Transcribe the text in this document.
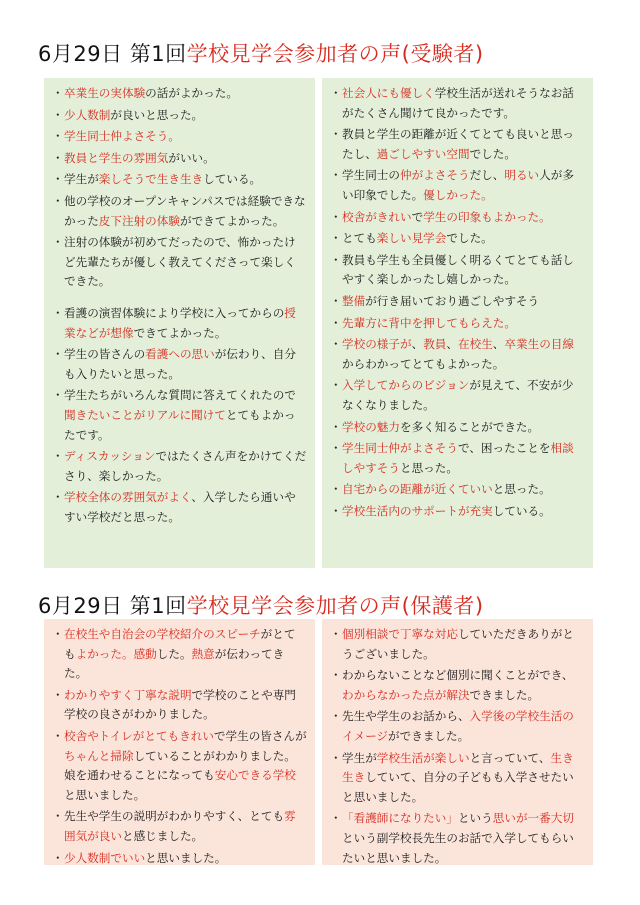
6月29日 第1回学校見学会参加者の声(受験者)
・ 卒業生の実体験の話がよかった。
・ 少人数制が良いと思った。
・ 学生同士仲よさそう。
・ 教員と学生の雰囲気がいい。
・ 学生が楽しそうで生き生きしている。
・ 他の学校のオープンキャンパスでは経験できなかった皮下注射の体験ができてよかった。
・ 注射の体験が初めてだったので、怖かったけど先輩たちが優しく教えてくださって楽しくできた。
・ 看護の演習体験により学校に入ってからの授業などが想像できてよかった。
・ 学生の皆さんの看護への思いが伝わり、自分も入りたいと思った。
・ 学生たちがいろんな質問に答えてくれたので聞きたいことがリアルに聞けてとてもよかったです。
・ ディスカッションではたくさん声をかけてくださり、楽しかった。
・ 学校全体の雰囲気がよく、入学したら通いやすい学校だと思った。
・ 社会人にも優しく学校生活が送れそうなお話がたくさん聞けて良かったです。
・ 教員と学生の距離が近くてとても良いと思ったし、過ごしやすい空間でした。
・ 学生同士の仲がよさそうだし、明るい人が多い印象でした。優しかった。
・ 校舎がきれいで学生の印象もよかった。
・ とても楽しい見学会でした。
・ 教員も学生も全員優しく明るくてとても話しやすく楽しかったし嬉しかった。
・ 整備が行き届いており過ごしやすそう
・ 先輩方に背中を押してもらえた。
・ 学校の様子が、教員、在校生、卒業生の目線からわかってとてもよかった。
・ 入学してからのビジョンが見えて、不安が少なくなりました。
・ 学校の魅力を多く知ることができた。
・ 学生同士仲がよさそうで、困ったことを相談しやすそうと思った。
・ 自宅からの距離が近くていいと思った。
・ 学校生活内のサポートが充実している。
6月29日 第1回学校見学会参加者の声(保護者)
・ 在校生や自治会の学校紹介のスピーチがとてもよかった。感動した。熱意が伝わってきた。
・ わかりやすく丁寧な説明で学校のことや専門学校の良さがわかりました。
・ 校舎やトイレがとてもきれいで学生の皆さんがちゃんと掃除していることがわかりました。娘を通わせることになっても安心できる学校と思いました。
・ 先生や学生の説明がわかりやすく、とても雰囲気が良いと感じました。
・ 少人数制でいいと思いました。
・ 個別相談で丁寧な対応していただきありがとうございました。
・ わからないことなど個別に聞くことができ、わからなかった点が解決できました。
・ 先生や学生のお話から、入学後の学校生活のイメージができました。
・ 学生が学校生活が楽しいと言っていて、生き生きしていて、自分の子どもも入学させたいと思いました。
・ 「看護師になりたい」という思いが一番大切という副学校長先生のお話で入学してもらいたいと思いました。
